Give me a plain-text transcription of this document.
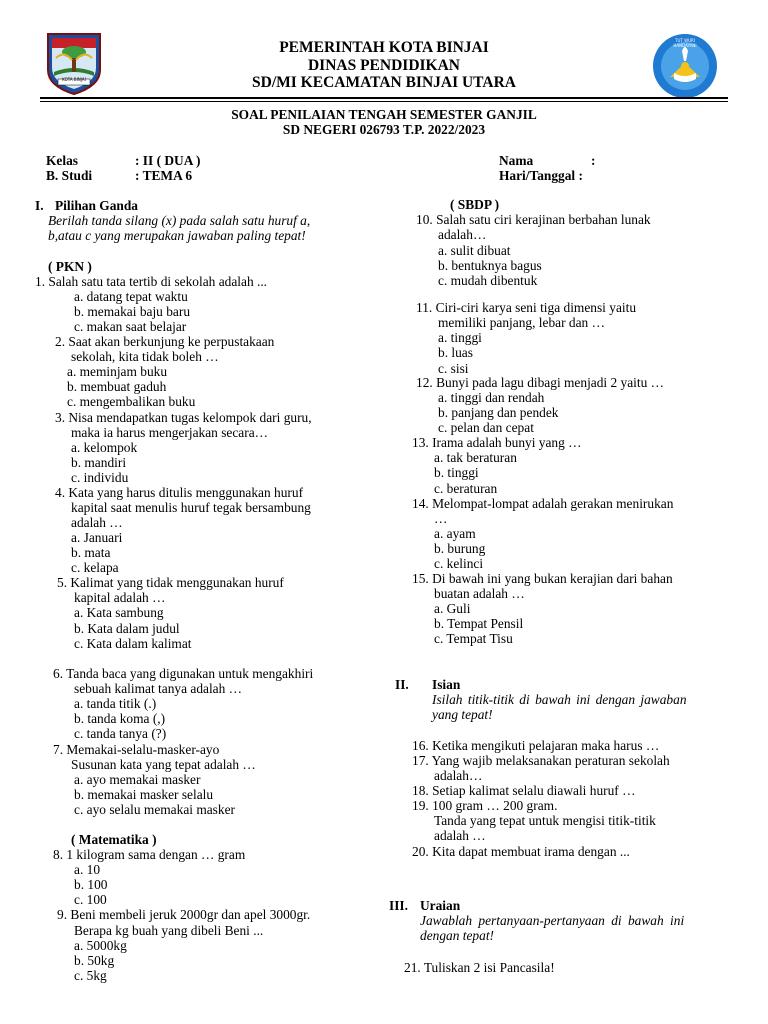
KOTA BINJAI
TUT WURI HANDAYANI
PEMERINTAH KOTA BINJAI
DINAS PENDIDIKAN
SD/MI KECAMATAN BINJAI UTARA
SOAL PENILAIAN TENGAH SEMESTER GANJIL
SD NEGERI 026793 T.P. 2022/2023
Kelas	: II ( DUA )
B. Studi	: TEMA 6
Nama	:
Hari/Tanggal :
I. Pilihan Ganda
Berilah tanda silang (x) pada salah satu huruf a,
b,atau c yang merupakan jawaban paling tepat!
( PKN )
1. Salah satu tata tertib di sekolah adalah ...
a. datang tepat waktu
b. memakai baju baru
c. makan saat belajar
2. Saat akan berkunjung ke perpustakaan
sekolah, kita tidak boleh …
a. meminjam buku
b. membuat gaduh
c. mengembalikan buku
3. Nisa mendapatkan tugas kelompok dari guru,
maka ia harus mengerjakan secara…
a. kelompok
b. mandiri
c. individu
4. Kata yang harus ditulis menggunakan huruf
kapital saat menulis huruf tegak bersambung
adalah …
a. Januari
b. mata
c. kelapa
5. Kalimat yang tidak menggunakan huruf
kapital adalah …
a. Kata sambung
b. Kata dalam judul
c. Kata dalam kalimat
6. Tanda baca yang digunakan untuk mengakhiri
sebuah kalimat tanya adalah …
a. tanda titik (.)
b. tanda koma (,)
c. tanda tanya (?)
7. Memakai-selalu-masker-ayo
Susunan kata yang tepat adalah …
a. ayo memakai masker
b. memakai masker selalu
c. ayo selalu memakai masker
( Matematika )
8. 1 kilogram sama dengan … gram
a. 10
b. 100
c. 100
9. Beni membeli jeruk 2000gr dan apel 3000gr.
Berapa kg buah yang dibeli Beni ...
a. 5000kg
b. 50kg
c. 5kg
( SBDP )
10. Salah satu ciri kerajinan berbahan lunak
adalah…
a. sulit dibuat
b. bentuknya bagus
c. mudah dibentuk
11. Ciri-ciri karya seni tiga dimensi yaitu
memiliki panjang, lebar dan …
a. tinggi
b. luas
c. sisi
12. Bunyi pada lagu dibagi menjadi 2 yaitu …
a. tinggi dan rendah
b. panjang dan pendek
c. pelan dan cepat
13. Irama adalah bunyi yang …
a. tak beraturan
b. tinggi
c. beraturan
14. Melompat-lompat adalah gerakan menirukan
…
a. ayam
b. burung
c. kelinci
15. Di bawah ini yang bukan kerajian dari bahan
buatan adalah …
a. Guli
b. Tempat Pensil
c. Tempat Tisu
II. Isian
Isilah titik-titik di bawah ini dengan jawaban
yang tepat!
16. Ketika mengikuti pelajaran maka harus …
17. Yang wajib melaksanakan peraturan sekolah
adalah…
18. Setiap kalimat selalu diawali huruf …
19. 100 gram … 200 gram.
Tanda yang tepat untuk mengisi titik-titik
adalah …
20. Kita dapat membuat irama dengan ...
III. Uraian
Jawablah pertanyaan-pertanyaan di bawah ini
dengan tepat!
21. Tuliskan 2 isi Pancasila!
